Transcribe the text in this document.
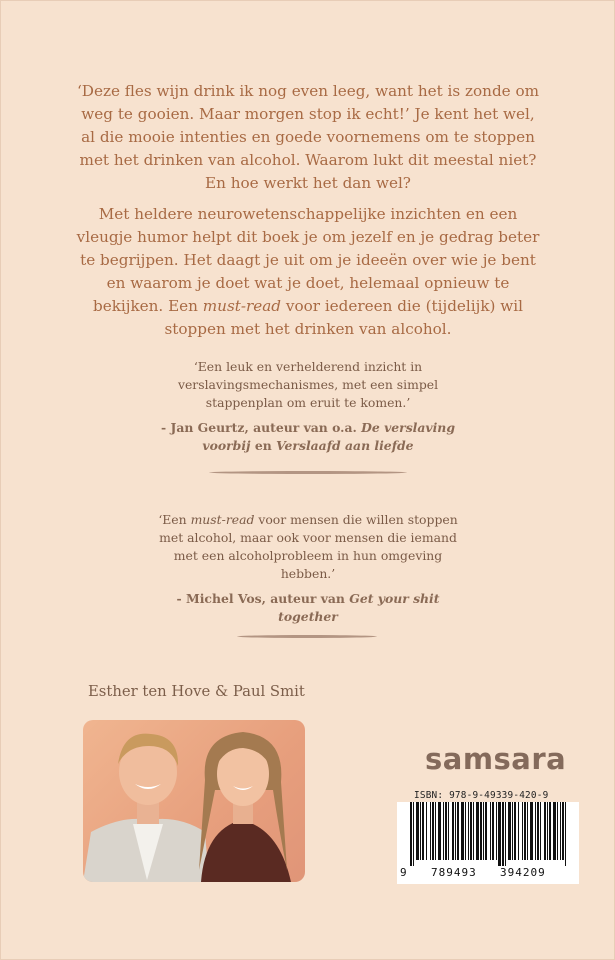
‘Deze fles wijn drink ik nog even leeg, want het is zonde om weg te gooien. Maar morgen stop ik echt!’ Je kent het wel, al die mooie intenties en goede voornemens om te stoppen met het drinken van alcohol. Waarom lukt dit meestal niet? En hoe werkt het dan wel?

Met heldere neurowetenschappelijke inzichten en een vleugje humor helpt dit boek je om jezelf en je gedrag beter te begrijpen. Het daagt je uit om je ideeën over wie je bent en waarom je doet wat je doet, helemaal opnieuw te bekijken. Een must-read voor iedereen die (tijdelijk) wil stoppen met het drinken van alcohol.

‘Een leuk en verhelderend inzicht in verslavingsmechanismes, met een simpel stappenplan om eruit te komen.’

- Jan Geurtz, auteur van o.a. De verslaving voorbij en Verslaafd aan liefde

‘Een must-read voor mensen die willen stoppen met alcohol, maar ook voor mensen die iemand met een alcoholprobleem in hun omgeving hebben.’

- Michel Vos, auteur van Get your shit together

Esther ten Hove & Paul Smit
samsara
ISBN: 978-9-49339-420-9
9 789493 394209
